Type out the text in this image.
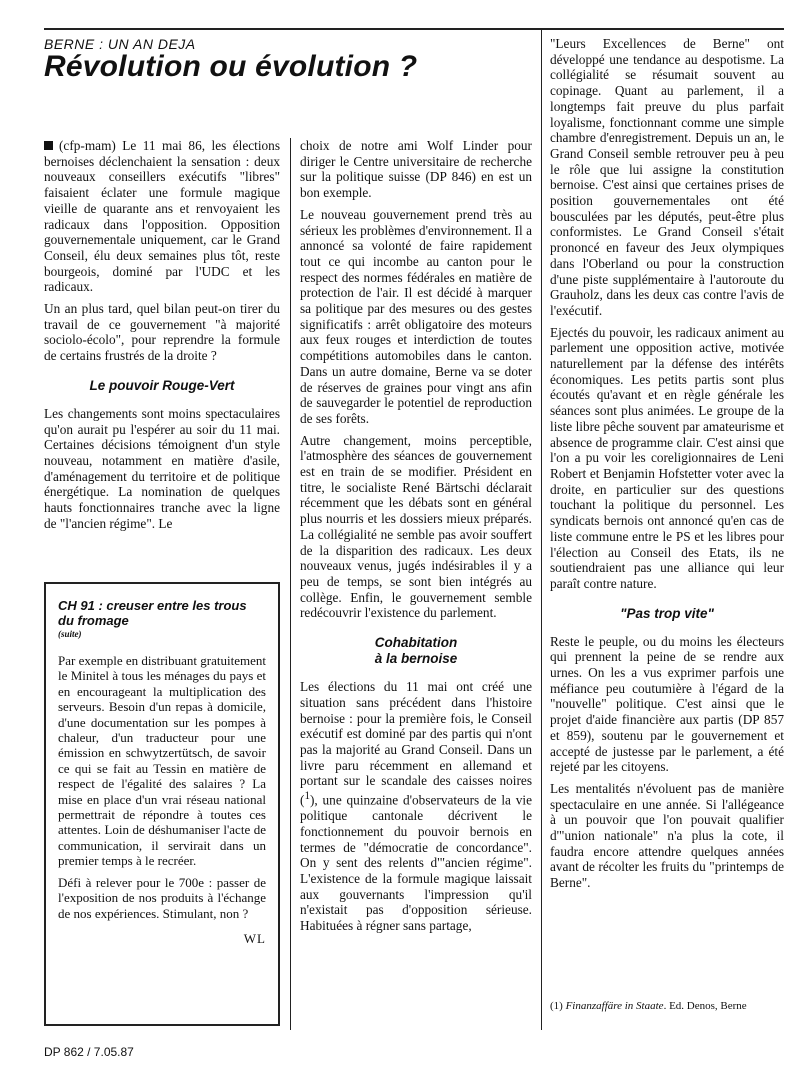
BERNE : UN AN DEJA
Révolution ou évolution ?

(cfp-mam) Le 11 mai 86, les élections bernoises déclenchaient la sensation : deux nouveaux conseillers exécutifs "libres" faisaient éclater une formule magique vieille de quarante ans et renvoyaient les radicaux dans l'opposition. Opposition gouvernementale uniquement, car le Grand Conseil, élu deux semaines plus tôt, reste bourgeois, dominé par l'UDC et les radicaux.

Un an plus tard, quel bilan peut-on tirer du travail de ce gouvernement "à majorité sociolo-écolo", pour reprendre la formule de certains frustrés de la droite ?

Le pouvoir Rouge-Vert

Les changements sont moins spectaculaires qu'on aurait pu l'espérer au soir du 11 mai. Certaines décisions témoignent d'un style nouveau, notamment en matière d'asile, d'aménagement du territoire et de politique énergétique. La nomination de quelques hauts fonctionnaires tranche avec la ligne de "l'ancien régime". Le

CH 91 : creuser entre les trous du fromage
(suite)

Par exemple en distribuant gratuitement le Minitel à tous les ménages du pays et en encourageant la multiplication des serveurs. Besoin d'un repas à domicile, d'une documentation sur les pompes à chaleur, d'un traducteur pour une émission en schwytzertütsch, de savoir ce qui se fait au Tessin en matière de respect de l'égalité des salaires ? La mise en place d'un vrai réseau national permettrait de répondre à toutes ces attentes. Loin de déshumaniser l'acte de communication, il servirait dans un premier temps à le recréer.

Défi à relever pour le 700e : passer de l'exposition de nos produits à l'échange de nos expériences. Stimulant, non ?

WL

choix de notre ami Wolf Linder pour diriger le Centre universitaire de recherche sur la politique suisse (DP 846) en est un bon exemple.

Le nouveau gouvernement prend très au sérieux les problèmes d'environnement. Il a annoncé sa volonté de faire rapidement tout ce qui incombe au canton pour le respect des normes fédérales en matière de protection de l'air. Il est décidé à marquer sa politique par des mesures ou des gestes significatifs : arrêt obligatoire des moteurs aux feux rouges et interdiction de toutes compétitions automobiles dans le canton. Dans un autre domaine, Berne va se doter de réserves de graines pour vingt ans afin de sauvegarder le potentiel de reproduction de ses forêts.

Autre changement, moins perceptible, l'atmosphère des séances de gouvernement est en train de se modifier. Président en titre, le socialiste René Bärtschi déclarait récemment que les débats sont en général plus nourris et les dossiers mieux préparés. La collégialité ne semble pas avoir souffert de la disparition des radicaux. Les deux nouveaux venus, jugés indésirables il y a peu de temps, se sont bien intégrés au collège. Enfin, le gouvernement semble redécouvrir l'existence du parlement.

Cohabitation
à la bernoise

Les élections du 11 mai ont créé une situation sans précédent dans l'histoire bernoise : pour la première fois, le Conseil exécutif est dominé par des partis qui n'ont pas la majorité au Grand Conseil. Dans un livre paru récemment en allemand et portant sur le scandale des caisses noires ($^1$), une quinzaine d'observateurs de la vie politique cantonale décrivent le fonctionnement du pouvoir bernois en termes de "démocratie de concordance". On y sent des relents d'"ancien régime". L'existence de la formule magique laissait aux gouvernants l'impression qu'il n'existait pas d'opposition sérieuse. Habituées à régner sans partage,

"Leurs Excellences de Berne" ont développé une tendance au despotisme. La collégialité se résumait souvent au copinage. Quant au parlement, il a longtemps fait preuve du plus parfait loyalisme, fonctionnant comme une simple chambre d'enregistrement. Depuis un an, le Grand Conseil semble retrouver peu à peu le rôle que lui assigne la constitution bernoise. C'est ainsi que certaines prises de position gouvernementales ont été bousculées par les députés, peut-être plus conformistes. Le Grand Conseil s'était prononcé en faveur des Jeux olympiques dans l'Oberland ou pour la construction d'une piste supplémentaire à l'autoroute du Grauholz, dans les deux cas contre l'avis de l'exécutif.

Ejectés du pouvoir, les radicaux animent au parlement une opposition active, motivée naturellement par la défense des intérêts économiques. Les petits partis sont plus écoutés qu'avant et en règle générale les séances sont plus animées. Le groupe de la liste libre pêche souvent par amateurisme et absence de programme clair. C'est ainsi que l'on a pu voir les coreligionnaires de Leni Robert et Benjamin Hofstetter voter avec la droite, en particulier sur des questions touchant la politique du personnel. Les syndicats bernois ont annoncé qu'en cas de liste commune entre le PS et les libres pour l'élection au Conseil des Etats, ils ne soutiendraient pas une alliance qui leur paraît contre nature.

"Pas trop vite"

Reste le peuple, ou du moins les électeurs qui prennent la peine de se rendre aux urnes. On les a vus exprimer parfois une méfiance peu coutumière à l'égard de la "nouvelle" politique. C'est ainsi que le projet d'aide financière aux partis (DP 857 et 859), soutenu par le gouvernement et accepté de justesse par le parlement, a été rejeté par les citoyens.

Les mentalités n'évoluent pas de manière spectaculaire en une année. Si l'allégeance à un pouvoir que l'on pouvait qualifier d'"union nationale" n'a plus la cote, il faudra encore attendre quelques années avant de récolter les fruits du "printemps de Berne".

(1) Finanzaffäre in Staate. Ed. Denos, Berne
DP 862 / 7.05.87
